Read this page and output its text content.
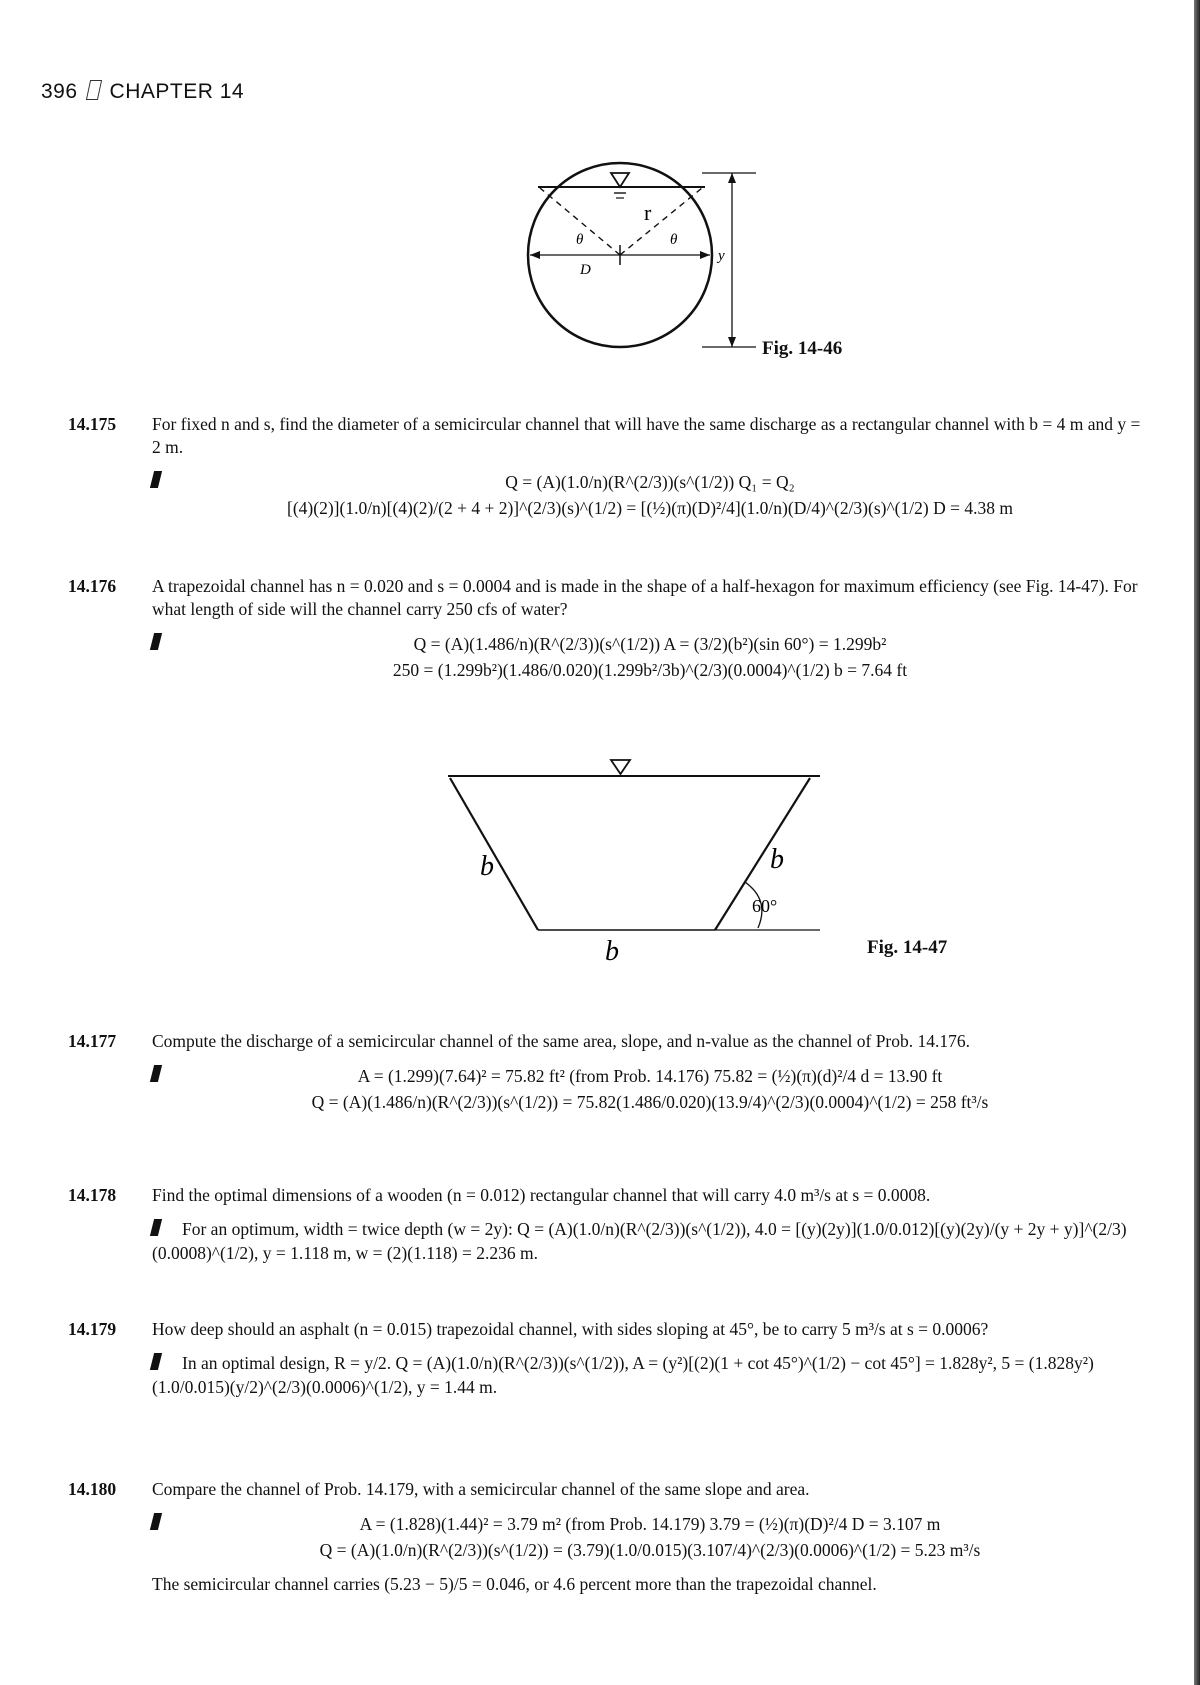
396 CHAPTER 14
r
θ	θ
D
y
Fig. 14-46
14.175	For fixed n and s, find the diameter of a semicircular channel that will have the same discharge as a rectangular channel with b = 4 m and y = 2 m.
Q = (A)(1.0/n)(R^(2/3))(s^(1/2)) Q₁ = Q₂
[(4)(2)](1.0/n)[(4)(2)/(2 + 4 + 2)]^(2/3)(s)^(1/2) = [(½)(π)(D)²/4](1.0/n)(D/4)^(2/3)(s)^(1/2) D = 4.38 m
14.176	A trapezoidal channel has n = 0.020 and s = 0.0004 and is made in the shape of a half-hexagon for maximum efficiency (see Fig. 14-47). For what length of side will the channel carry 250 cfs of water?
Q = (A)(1.486/n)(R^(2/3))(s^(1/2)) A = (3/2)(b²)(sin 60°) = 1.299b²
250 = (1.299b²)(1.486/0.020)(1.299b²/3b)^(2/3)(0.0004)^(1/2) b = 7.64 ft
b	b
b
60°
Fig. 14-47
14.177	Compute the discharge of a semicircular channel of the same area, slope, and n-value as the channel of Prob. 14.176.
A = (1.299)(7.64)² = 75.82 ft² (from Prob. 14.176) 75.82 = (½)(π)(d)²/4 d = 13.90 ft
Q = (A)(1.486/n)(R^(2/3))(s^(1/2)) = 75.82(1.486/0.020)(13.9/4)^(2/3)(0.0004)^(1/2) = 258 ft³/s
14.178	Find the optimal dimensions of a wooden (n = 0.012) rectangular channel that will carry 4.0 m³/s at s = 0.0008.
For an optimum, width = twice depth (w = 2y): Q = (A)(1.0/n)(R^(2/3))(s^(1/2)), 4.0 = [(y)(2y)](1.0/0.012)[(y)(2y)/(y + 2y + y)]^(2/3)(0.0008)^(1/2), y = 1.118 m, w = (2)(1.118) = 2.236 m.
14.179	How deep should an asphalt (n = 0.015) trapezoidal channel, with sides sloping at 45°, be to carry 5 m³/s at s = 0.0006?
In an optimal design, R = y/2. Q = (A)(1.0/n)(R^(2/3))(s^(1/2)), A = (y²)[(2)(1 + cot 45°)^(1/2) − cot 45°] = 1.828y², 5 = (1.828y²)(1.0/0.015)(y/2)^(2/3)(0.0006)^(1/2), y = 1.44 m.
14.180	Compare the channel of Prob. 14.179, with a semicircular channel of the same slope and area.
A = (1.828)(1.44)² = 3.79 m² (from Prob. 14.179) 3.79 = (½)(π)(D)²/4 D = 3.107 m
Q = (A)(1.0/n)(R^(2/3))(s^(1/2)) = (3.79)(1.0/0.015)(3.107/4)^(2/3)(0.0006)^(1/2) = 5.23 m³/s
The semicircular channel carries (5.23 − 5)/5 = 0.046, or 4.6 percent more than the trapezoidal channel.
